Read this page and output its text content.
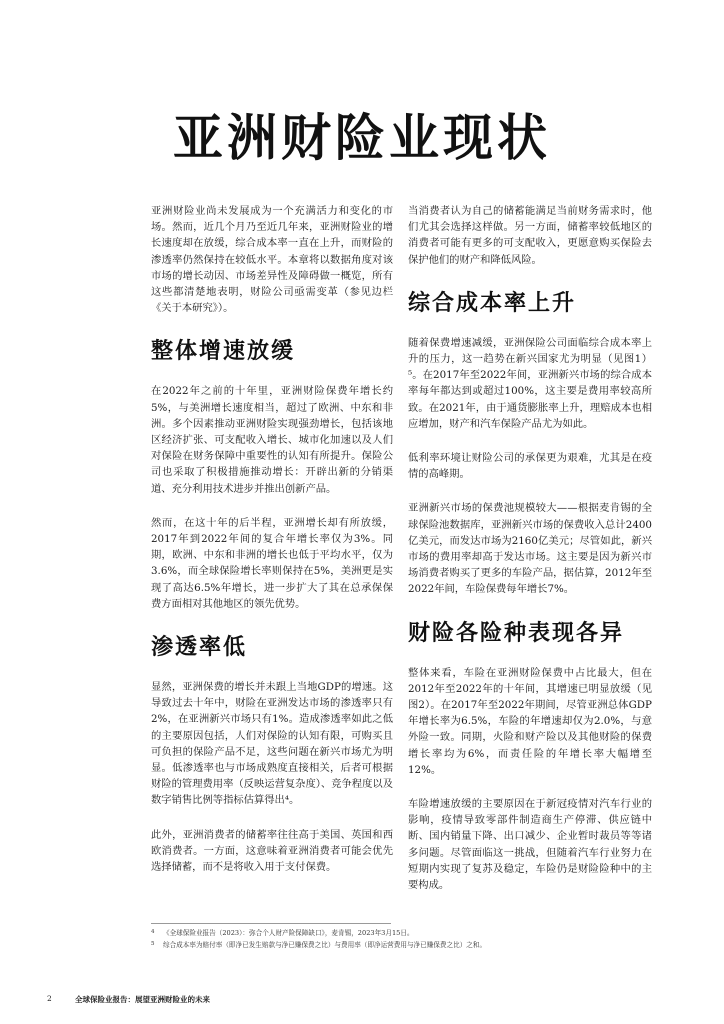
亚洲财险业现状

亚洲财险业尚未发展成为一个充满活力和变化的市场。然而，近几个月乃至近几年来，亚洲财险业的增长速度却在放缓，综合成本率一直在上升，而财险的渗透率仍然保持在较低水平。本章将以数据角度对该市场的增长动因、市场差异性及障碍做一概览，所有这些都清楚地表明，财险公司亟需变革（参见边栏《关于本研究》）。

整体增速放缓

在2022年之前的十年里，亚洲财险保费年增长约5%，与美洲增长速度相当，超过了欧洲、中东和非洲。多个因素推动亚洲财险实现强劲增长，包括该地区经济扩张、可支配收入增长、城市化加速以及人们对保险在财务保障中重要性的认知有所提升。保险公司也采取了积极措施推动增长：开辟出新的分销渠道、充分利用技术进步并推出创新产品。

然而，在这十年的后半程，亚洲增长却有所放缓，2017年到2022年间的复合年增长率仅为3%。同期，欧洲、中东和非洲的增长也低于平均水平，仅为3.6%，而全球保险增长率则保持在5%，美洲更是实现了高达6.5%年增长，进一步扩大了其在总承保保费方面相对其他地区的领先优势。

渗透率低

显然，亚洲保费的增长并未跟上当地GDP的增速。这导致过去十年中，财险在亚洲发达市场的渗透率只有2%，在亚洲新兴市场只有1%。造成渗透率如此之低的主要原因包括，人们对保险的认知有限，可购买且可负担的保险产品不足，这些问题在新兴市场尤为明显。低渗透率也与市场成熟度直接相关，后者可根据财险的管理费用率（反映运营复杂度）、竞争程度以及数字销售比例等指标估算得出⁴。

此外，亚洲消费者的储蓄率往往高于美国、英国和西欧消费者。一方面，这意味着亚洲消费者可能会优先选择储蓄，而不是将收入用于支付保费。

当消费者认为自己的储蓄能满足当前财务需求时，他们尤其会选择这样做。另一方面，储蓄率较低地区的消费者可能有更多的可支配收入，更愿意购买保险去保护他们的财产和降低风险。

综合成本率上升

随着保费增速减缓，亚洲保险公司面临综合成本率上升的压力，这一趋势在新兴国家尤为明显（见图1）⁵。在2017年至2022年间，亚洲新兴市场的综合成本率每年都达到或超过100%，这主要是费用率较高所致。在2021年，由于通货膨胀率上升，理赔成本也相应增加，财产和汽车保险产品尤为如此。

低利率环境让财险公司的承保更为艰难，尤其是在疫情的高峰期。

亚洲新兴市场的保费池规模较大——根据麦肯锡的全球保险池数据库，亚洲新兴市场的保费收入总计2400亿美元，而发达市场为2160亿美元；尽管如此，新兴市场的费用率却高于发达市场。这主要是因为新兴市场消费者购买了更多的车险产品，据估算，2012年至2022年间，车险保费每年增长7%。

财险各险种表现各异

整体来看，车险在亚洲财险保费中占比最大，但在2012年至2022年的十年间，其增速已明显放缓（见图2）。在2017年至2022年期间，尽管亚洲总体GDP年增长率为6.5%，车险的年增速却仅为2.0%，与意外险一致。同期，火险和财产险以及其他财险的保费增长率均为6%，而责任险的年增长率大幅增至12%。

车险增速放缓的主要原因在于新冠疫情对汽车行业的影响，疫情导致零部件制造商生产停滞、供应链中断、国内销量下降、出口减少、企业暂时裁员等等诸多问题。尽管面临这一挑战，但随着汽车行业努力在短期内实现了复苏及稳定，车险仍是财险险种中的主要构成。

4 《全球保险业报告（2023）：弥合个人财产险保障缺口》，麦肯锡，2023年3月15日。
5 综合成本率为赔付率（即净已发生赔款与净已赚保费之比）与费用率（即净运营费用与净已赚保费之比）之和。
2	全球保险业报告：展望亚洲财险业的未来
